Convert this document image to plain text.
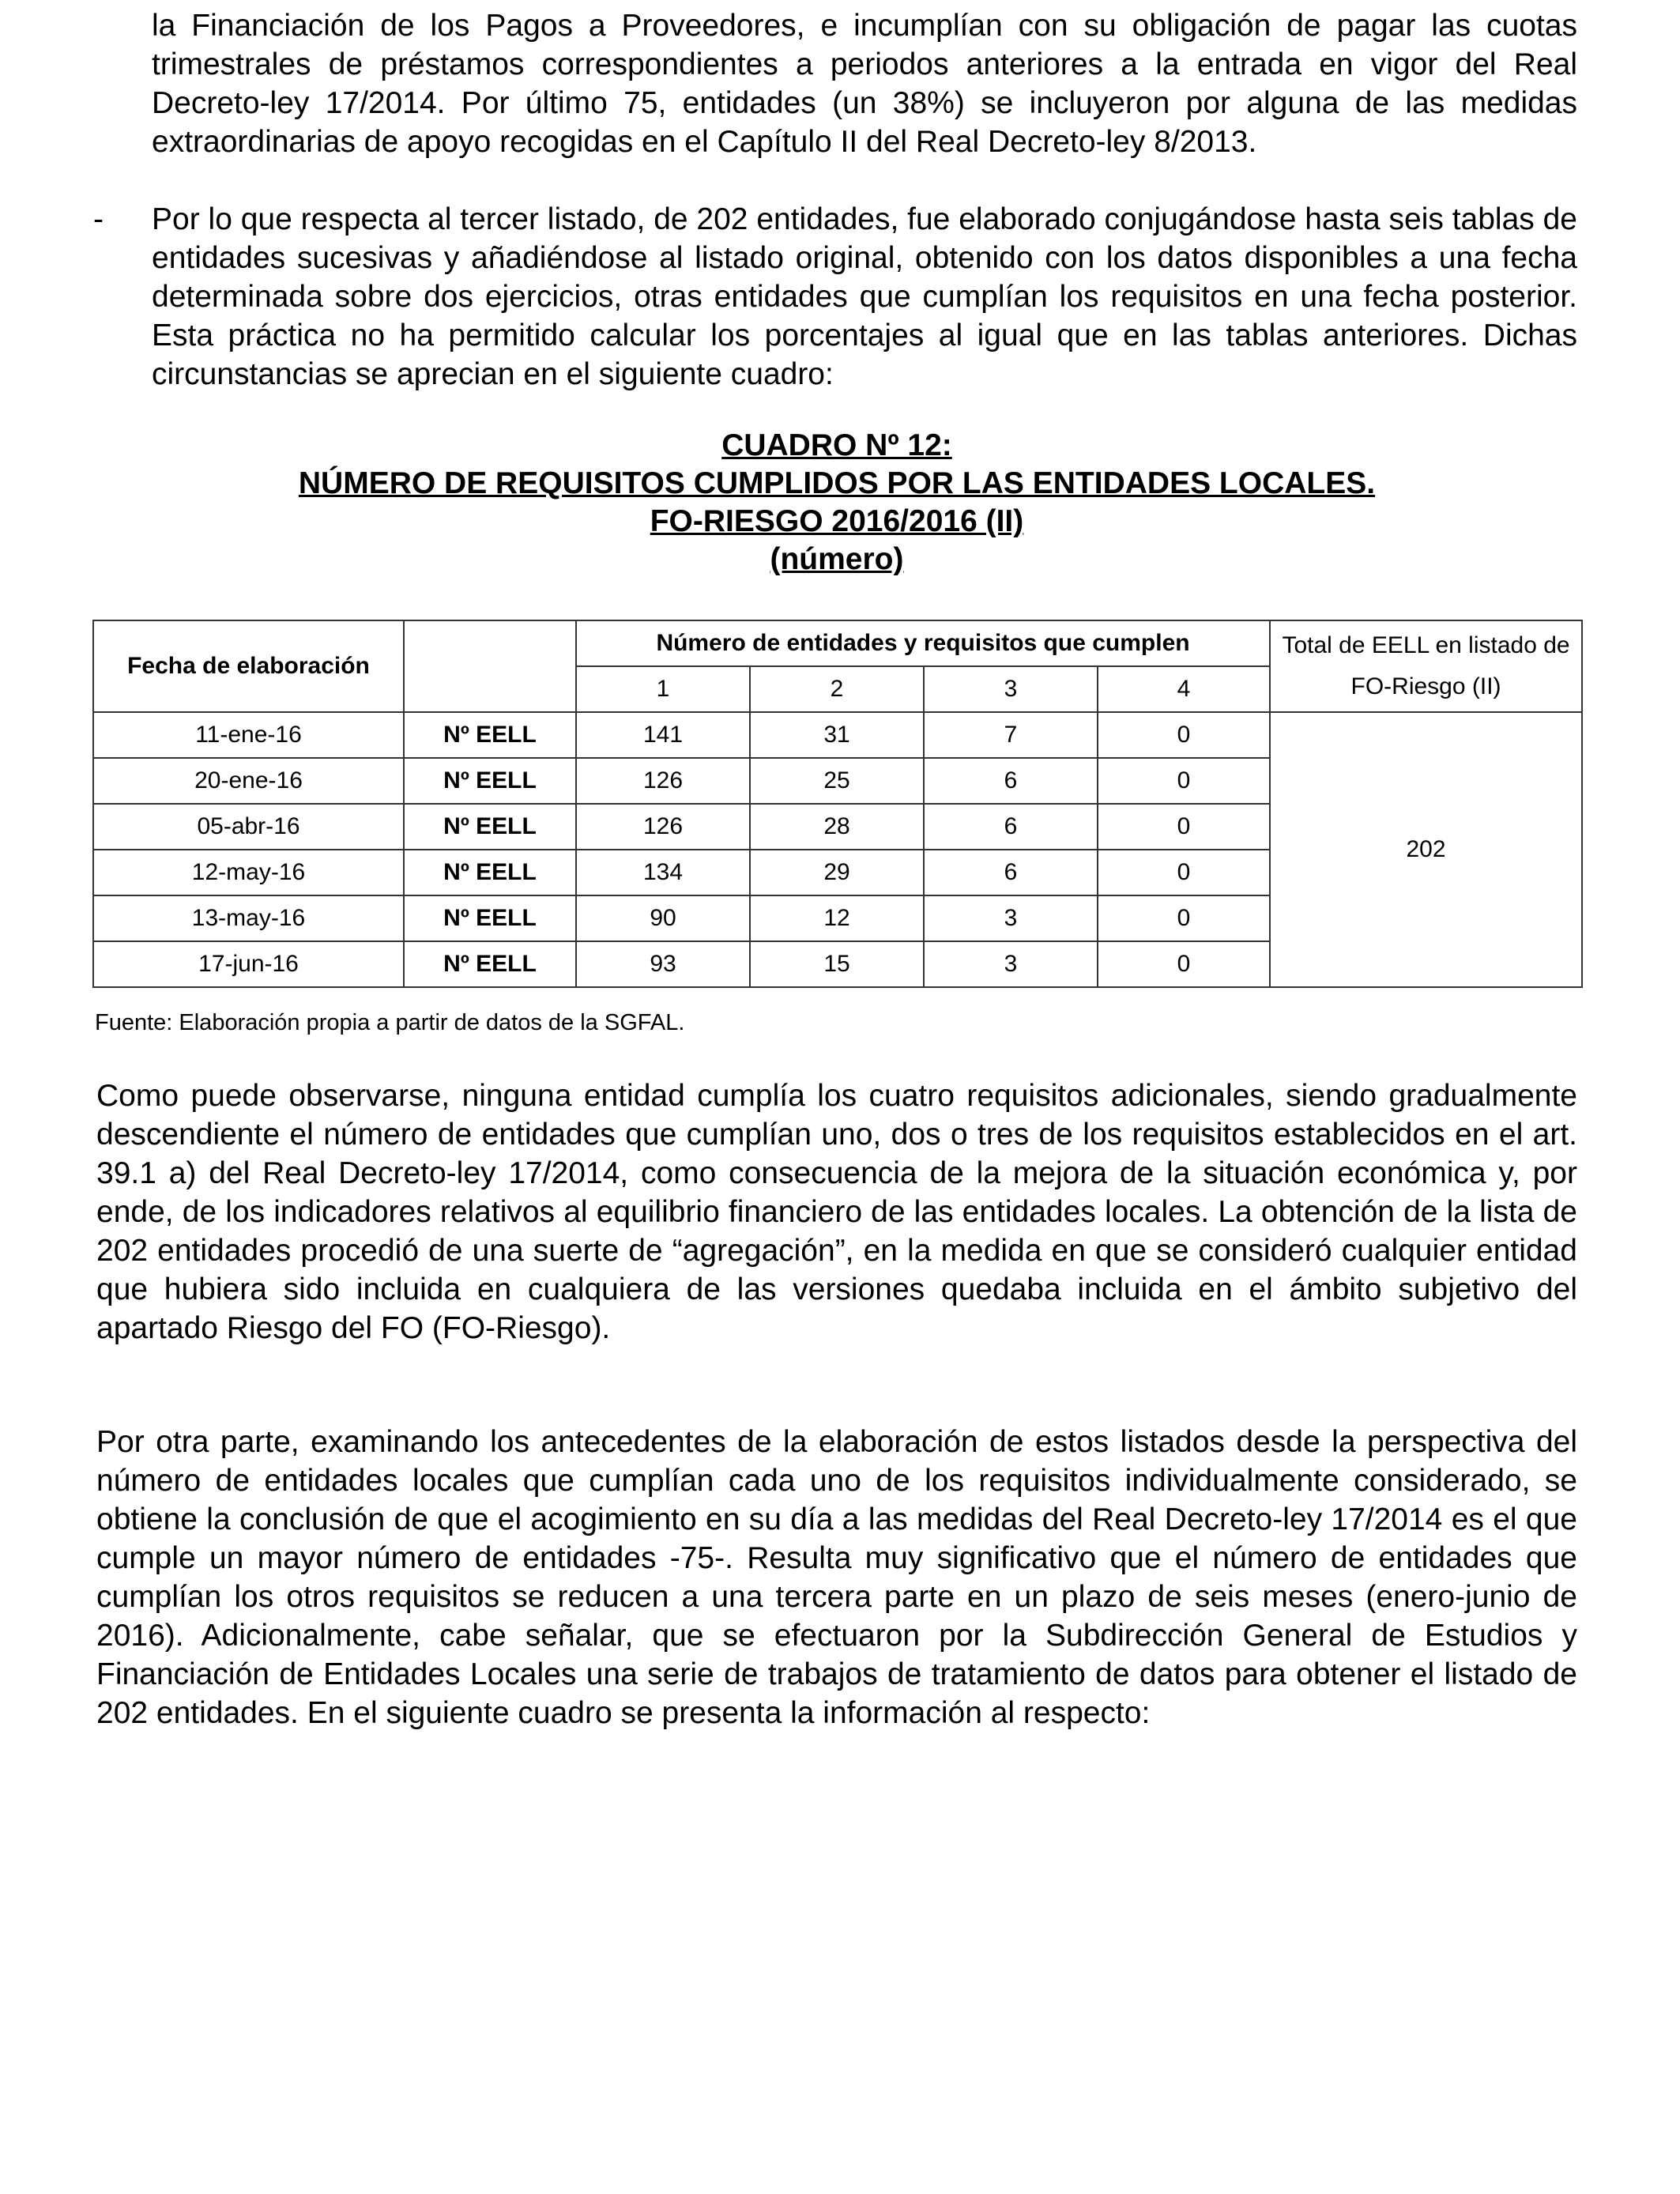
la Financiación de los Pagos a Proveedores, e incumplían con su obligación de pagar las cuotas trimestrales de préstamos correspondientes a periodos anteriores a la entrada en vigor del Real Decreto-ley 17/2014. Por último 75, entidades (un 38%) se incluyeron por alguna de las medidas extraordinarias de apoyo recogidas en el Capítulo II del Real Decreto-ley 8/2013.

- Por lo que respecta al tercer listado, de 202 entidades, fue elaborado conjugándose hasta seis tablas de entidades sucesivas y añadiéndose al listado original, obtenido con los datos disponibles a una fecha determinada sobre dos ejercicios, otras entidades que cumplían los requisitos en una fecha posterior. Esta práctica no ha permitido calcular los porcentajes al igual que en las tablas anteriores. Dichas circunstancias se aprecian en el siguiente cuadro:

CUADRO Nº 12:
NÚMERO DE REQUISITOS CUMPLIDOS POR LAS ENTIDADES LOCALES.
FO-RIESGO 2016/2016 (II)
(número)
Fecha de elaboración		Número de entidades y requisitos que cumplen				Total de EELL en listado de FO-Riesgo (II)
		1	2	3	4	
11-ene-16	Nº EELL	141	31	7	0	202
20-ene-16	Nº EELL	126	25	6	0	
05-abr-16	Nº EELL	126	28	6	0	
12-may-16	Nº EELL	134	29	6	0	
13-may-16	Nº EELL	90	12	3	0	
17-jun-16	Nº EELL	93	15	3	0	
Fuente: Elaboración propia a partir de datos de la SGFAL.

Como puede observarse, ninguna entidad cumplía los cuatro requisitos adicionales, siendo gradualmente descendiente el número de entidades que cumplían uno, dos o tres de los requisitos establecidos en el art. 39.1 a) del Real Decreto-ley 17/2014, como consecuencia de la mejora de la situación económica y, por ende, de los indicadores relativos al equilibrio financiero de las entidades locales. La obtención de la lista de 202 entidades procedió de una suerte de “agregación”, en la medida en que se consideró cualquier entidad que hubiera sido incluida en cualquiera de las versiones quedaba incluida en el ámbito subjetivo del apartado Riesgo del FO (FO-Riesgo).

Por otra parte, examinando los antecedentes de la elaboración de estos listados desde la perspectiva del número de entidades locales que cumplían cada uno de los requisitos individualmente considerado, se obtiene la conclusión de que el acogimiento en su día a las medidas del Real Decreto-ley 17/2014 es el que cumple un mayor número de entidades -75-. Resulta muy significativo que el número de entidades que cumplían los otros requisitos se reducen a una tercera parte en un plazo de seis meses (enero-junio de 2016). Adicionalmente, cabe señalar, que se efectuaron por la Subdirección General de Estudios y Financiación de Entidades Locales una serie de trabajos de tratamiento de datos para obtener el listado de 202 entidades. En el siguiente cuadro se presenta la información al respecto:
